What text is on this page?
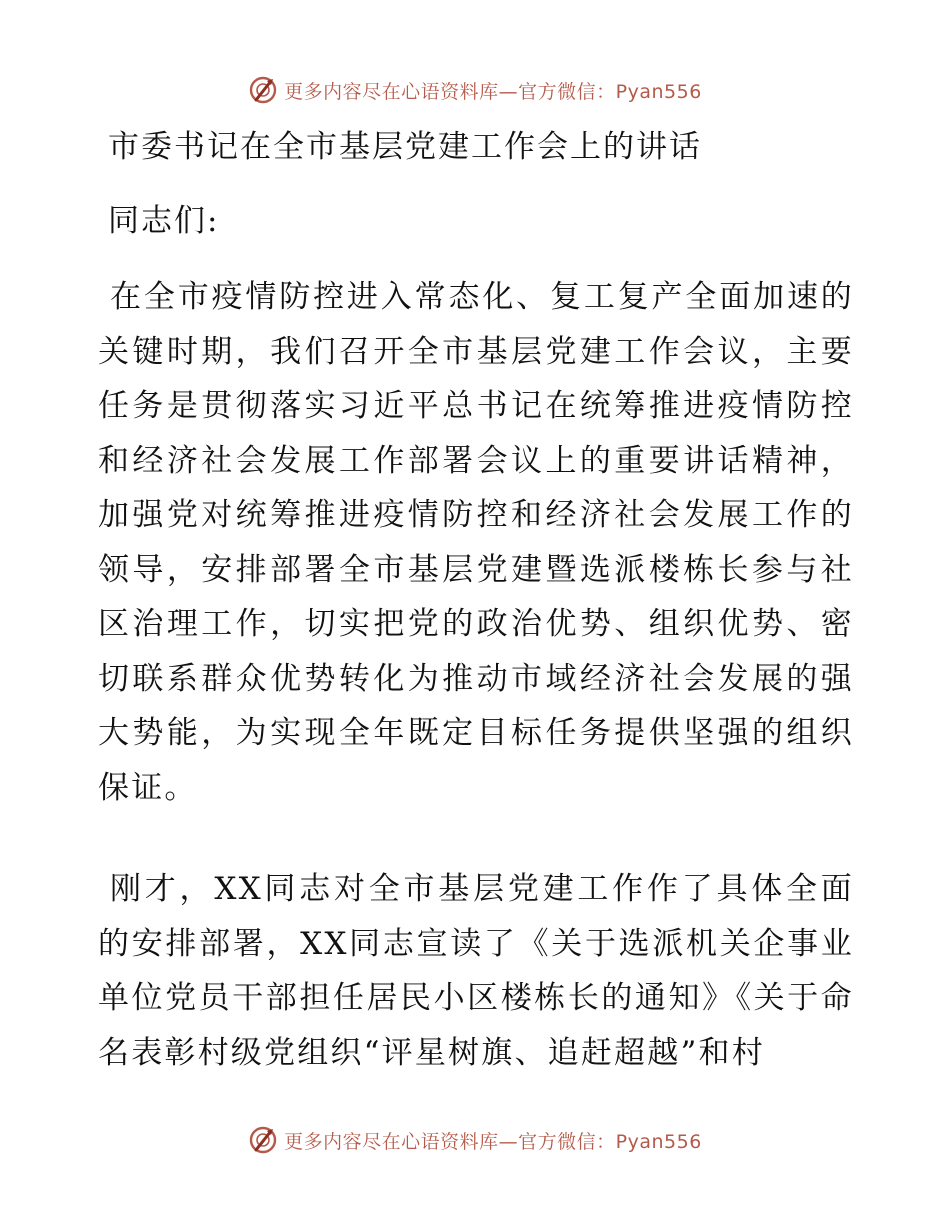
更多内容尽在心语资料库—官方微信：Pyan556
市委书记在全市基层党建工作会上的讲话
同志们:

在全市疫情防控进入常态化、复工复产全面加速的关键时期，我们召开全市基层党建工作会议，主要任务是贯彻落实习近平总书记在统筹推进疫情防控和经济社会发展工作部署会议上的重要讲话精神，加强党对统筹推进疫情防控和经济社会发展工作的领导，安排部署全市基层党建暨选派楼栋长参与社区治理工作，切实把党的政治优势、组织优势、密切联系群众优势转化为推动市域经济社会发展的强大势能，为实现全年既定目标任务提供坚强的组织保证。

刚才，XX同志对全市基层党建工作作了具体全面的安排部署，XX同志宣读了《关于选派机关企事业单位党员干部担任居民小区楼栋长的通知》《关于命名表彰村级党组织“评星树旗、追赶超越”和村

更多内容尽在心语资料库—官方微信：Pyan556
